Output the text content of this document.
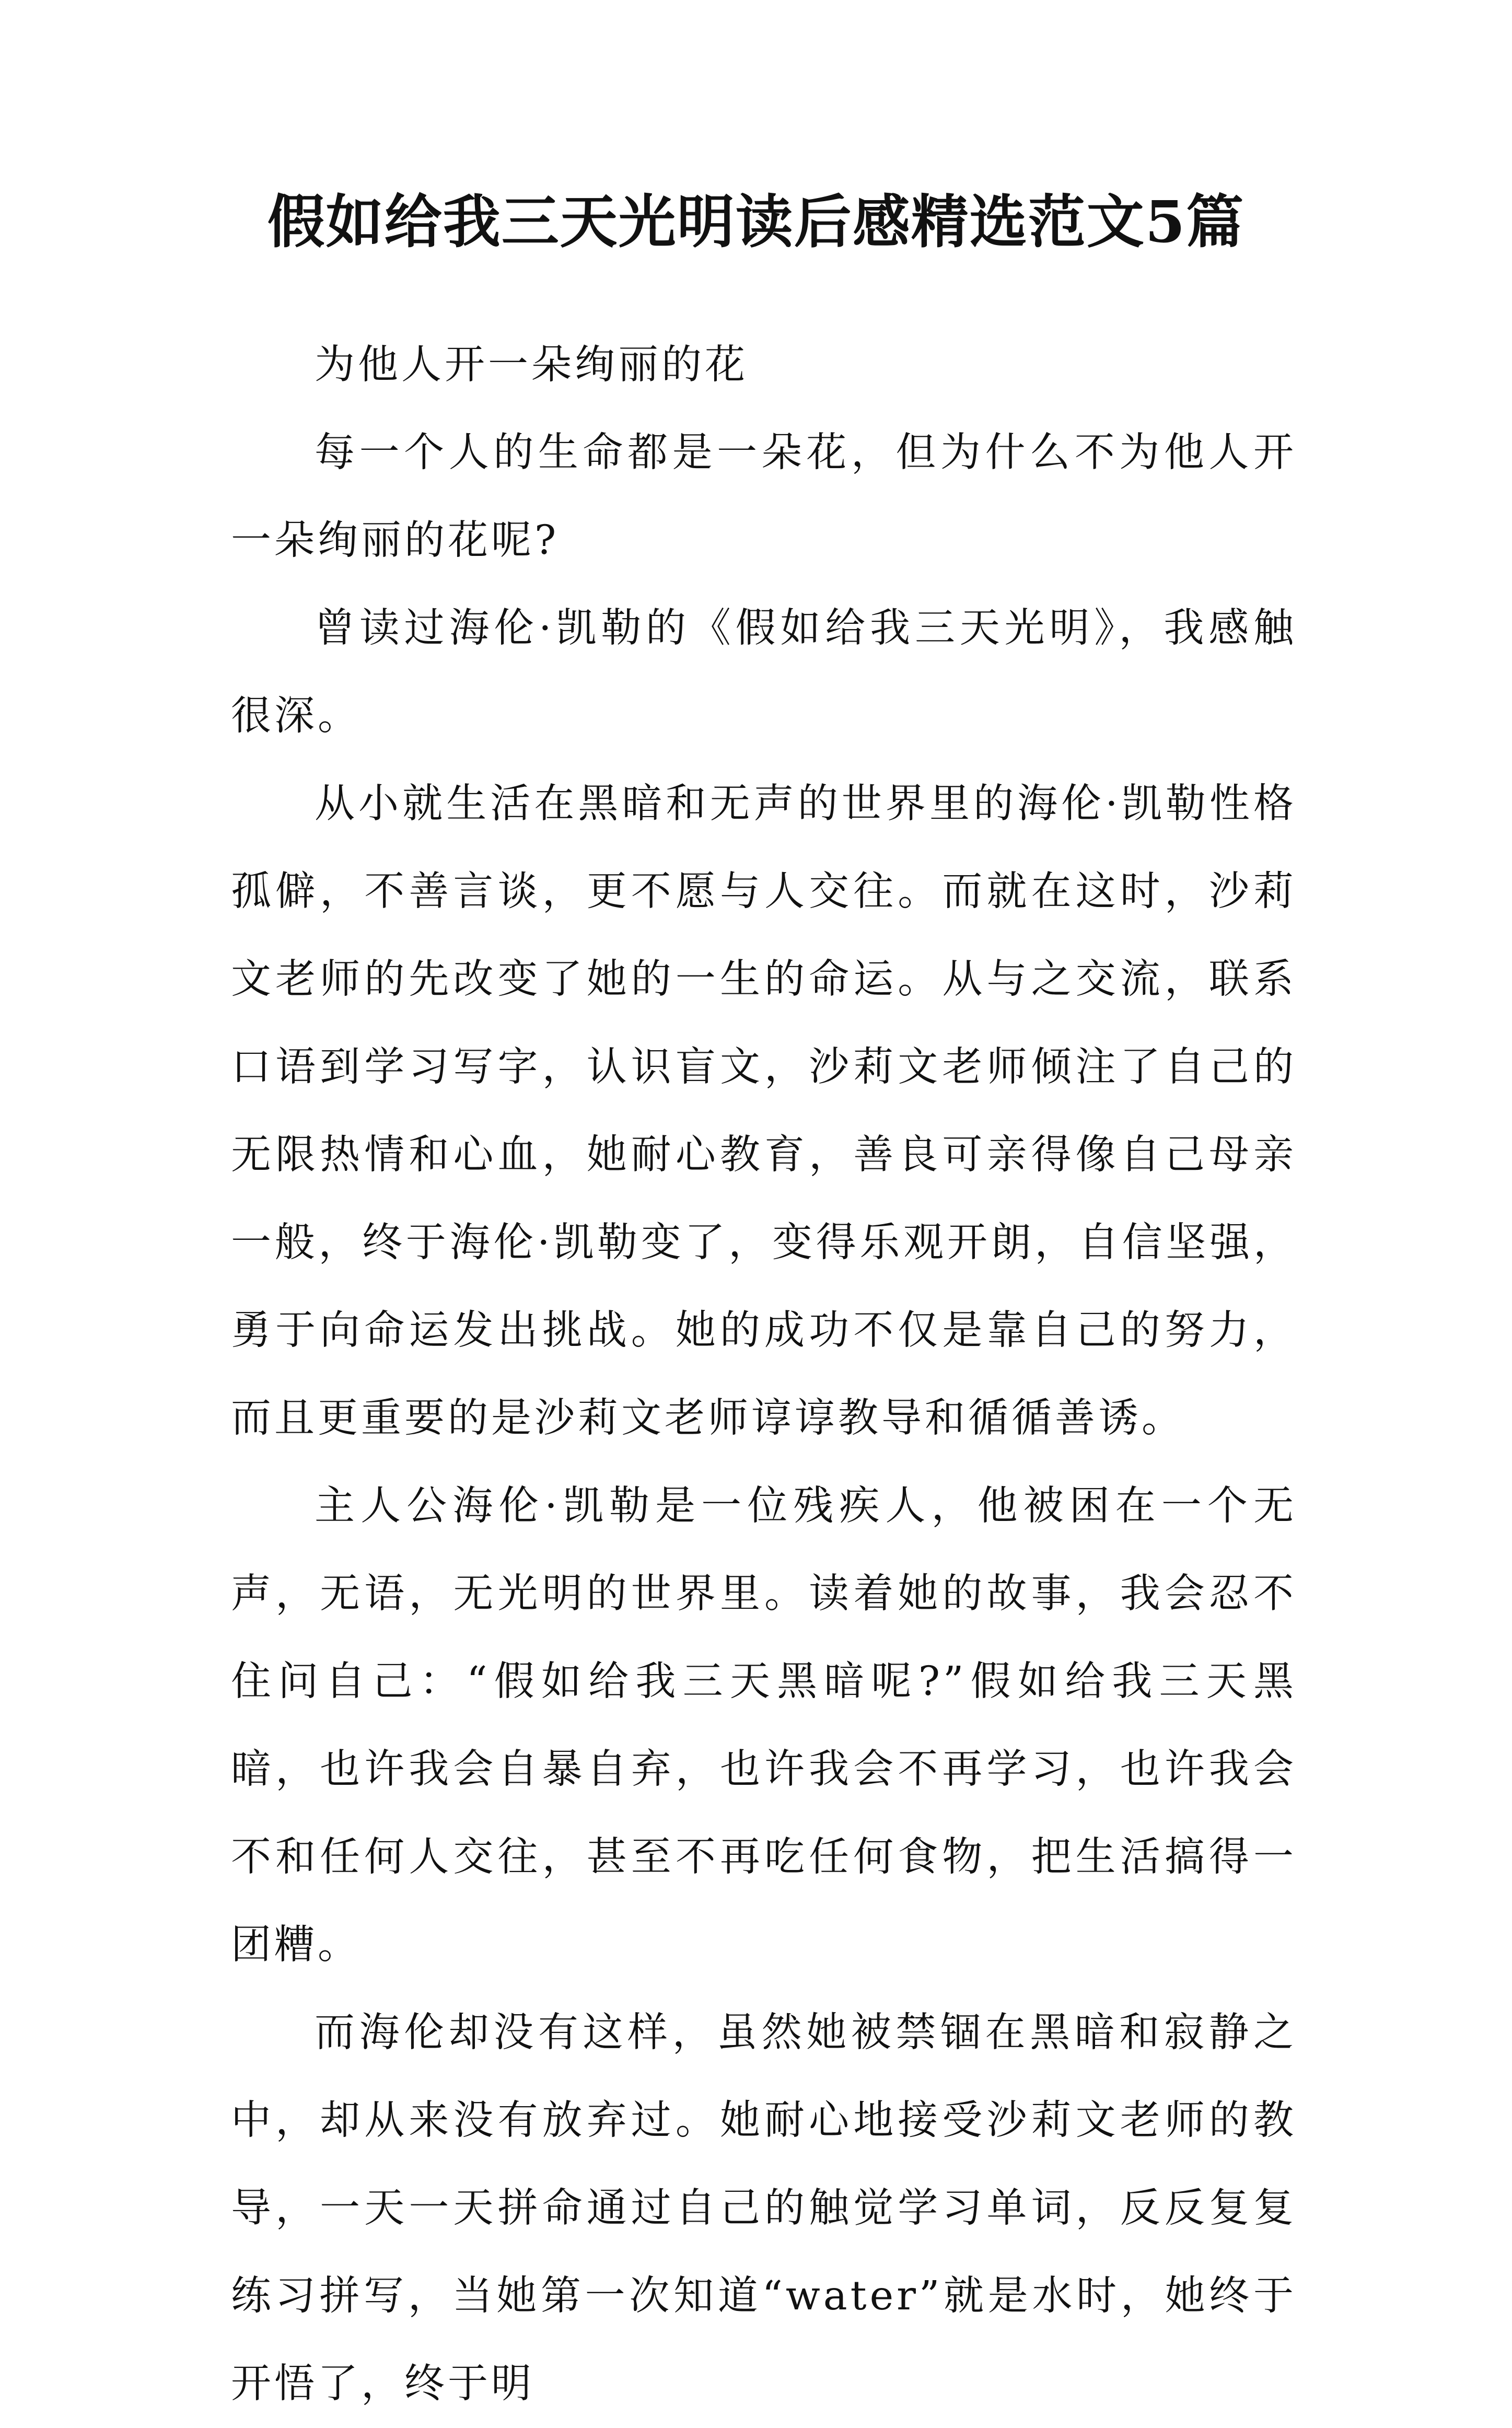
假如给我三天光明读后感精选范文5篇

为他人开一朵绚丽的花

每一个人的生命都是一朵花，但为什么不为他人开一朵绚丽的花呢?

曾读过海伦·凯勒的《假如给我三天光明》，我感触很深。

从小就生活在黑暗和无声的世界里的海伦·凯勒性格孤僻，不善言谈，更不愿与人交往。而就在这时，沙莉文老师的先改变了她的一生的命运。从与之交流，联系口语到学习写字，认识盲文，沙莉文老师倾注了自己的无限热情和心血，她耐心教育，善良可亲得像自己母亲一般，终于海伦·凯勒变了，变得乐观开朗，自信坚强，勇于向命运发出挑战。她的成功不仅是靠自己的努力，而且更重要的是沙莉文老师谆谆教导和循循善诱。

主人公海伦·凯勒是一位残疾人，他被困在一个无声，无语，无光明的世界里。读着她的故事，我会忍不住问自己：“假如给我三天黑暗呢?”假如给我三天黑暗，也许我会自暴自弃，也许我会不再学习，也许我会不和任何人交往，甚至不再吃任何食物，把生活搞得一团糟。

而海伦却没有这样，虽然她被禁锢在黑暗和寂静之中，却从来没有放弃过。她耐心地接受沙莉文老师的教导，一天一天拼命通过自己的触觉学习单词，反反复复练习拼写，当她第一次知道“water”就是水时，她终于开悟了，终于明
